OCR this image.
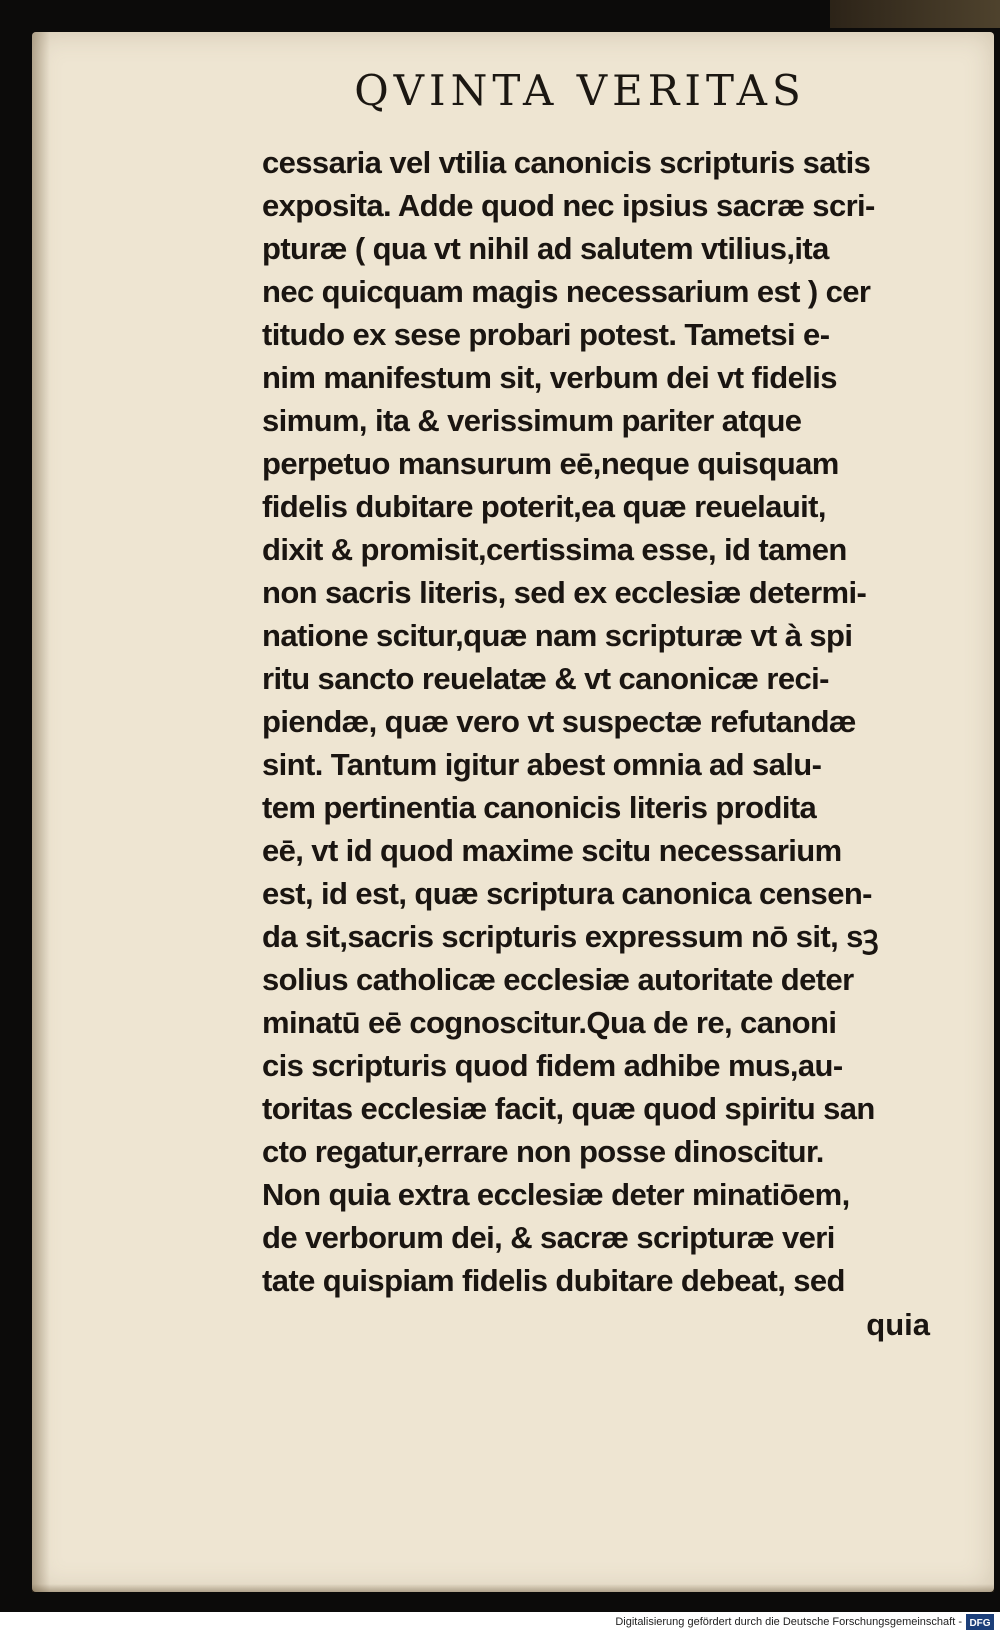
QVINTA VERITAS
cessaria vel vtilia canonicis scripturis satis
exposita. Adde quod nec ipsius sacræ scri-
pturæ ( qua vt nihil ad salutem vtilius,ita
nec quicquam magis necessarium est ) cer
titudo ex sese probari potest. Tametsi e-
nim manifestum sit, verbum dei vt fidelis
simum, ita & verissimum pariter atque
perpetuo mansurum eē,neque quisquam
fidelis dubitare poterit,ea quæ reuelauit,
dixit & promisit,certissima esse, id tamen
non sacris literis, sed ex ecclesiæ determi-
natione scitur,quæ nam scripturæ vt à spi
ritu sancto reuelatæ & vt canonicæ reci-
piendæ, quæ vero vt suspectæ refutandæ
sint. Tantum igitur abest omnia ad salu-
tem pertinentia canonicis literis prodita
eē, vt id quod maxime scitu necessarium
est, id est, quæ scriptura canonica censen-
da sit,sacris scripturis expressum nō sit, sꝫ
solius catholicæ ecclesiæ autoritate deter
minatū eē cognoscitur.Qua de re, canoni
cis scripturis quod fidem adhibe mus,au-
toritas ecclesiæ facit, quæ quod spiritu san
cto regatur,errare non posse dinoscitur.
Non quia extra ecclesiæ deter minatiōem,
de verborum dei, & sacræ scripturæ veri
tate quispiam fidelis dubitare debeat, sed

quia

Digitalisierung gefördert durch die Deutsche Forschungsgemeinschaft - DFG
